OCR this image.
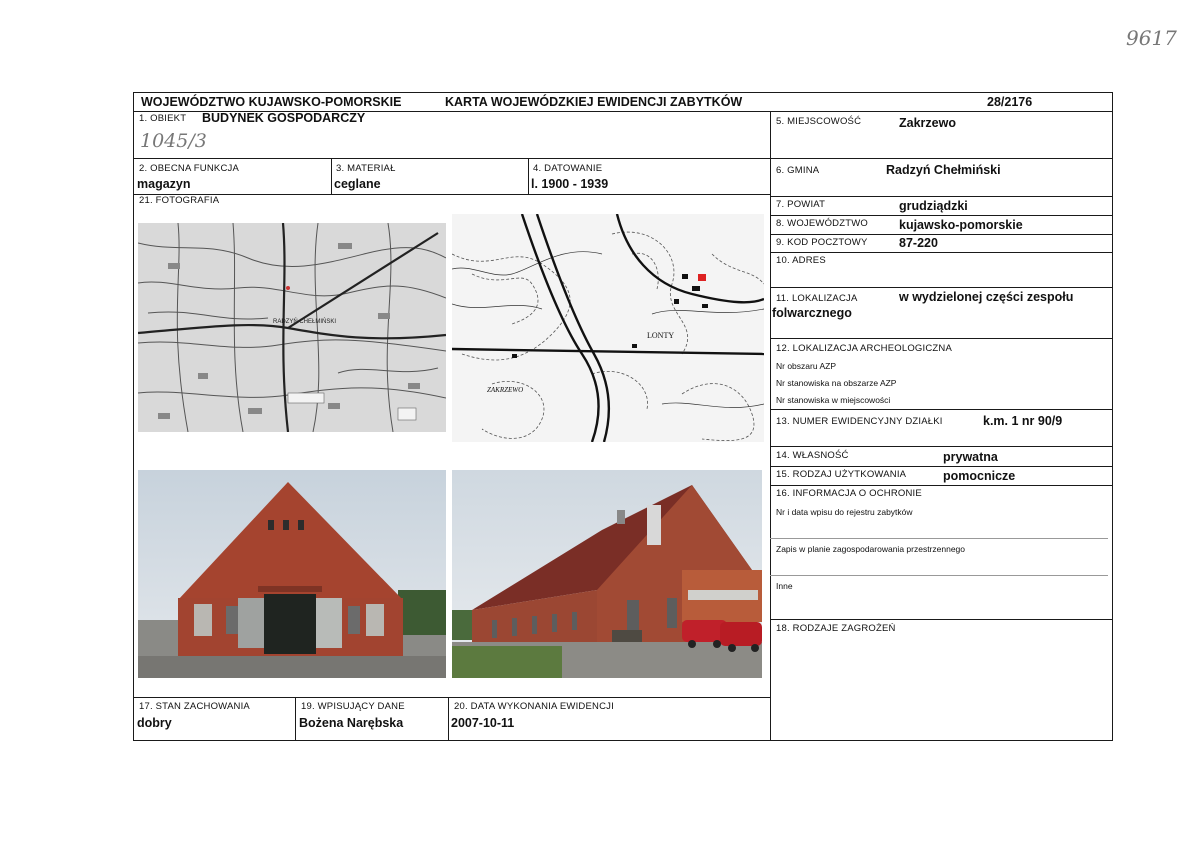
9617
WOJEWÓDZTWO KUJAWSKO-POMORSKIE	KARTA WOJEWÓDZKIEJ EWIDENCJI ZABYTKÓW	28/2176
1. OBIEKT BUDYNEK GOSPODARCZY
1045/3
2. OBECNA FUNKCJA
magazyn
3. MATERIAŁ
ceglane
4. DATOWANIE
l. 1900 - 1939
21. FOTOGRAFIA
RADZYŃ CHEŁMIŃSKI
ZAKRZEWO
LONTY
17. STAN ZACHOWANIA
dobry
19. WPISUJĄCY DANE
Bożena Narębska
20. DATA WYKONANIA EWIDENCJI
2007-10-11
5. MIEJSCOWOŚĆ	Zakrzewo
6. GMINA	Radzyń Chełmiński
7. POWIAT	grudziądzki
8. WOJEWÓDZTWO kujawsko-pomorskie
9. KOD POCZTOWY	87-220
10. ADRES
11. LOKALIZACJA	w wydzielonej części zespołu
folwarcznego
12. LOKALIZACJA ARCHEOLOGICZNA
Nr obszaru AZP
Nr stanowiska na obszarze AZP
Nr stanowiska w miejscowości
13. NUMER EWIDENCYJNY DZIAŁKI	k.m. 1 nr 90/9
14. WŁASNOŚĆ	prywatna
15. RODZAJ UŻYTKOWANIA	pomocnicze
16. INFORMACJA O OCHRONIE
Nr i data wpisu do rejestru zabytków
Zapis w planie zagospodarowania przestrzennego
Inne
18. RODZAJE ZAGROŻEŃ
